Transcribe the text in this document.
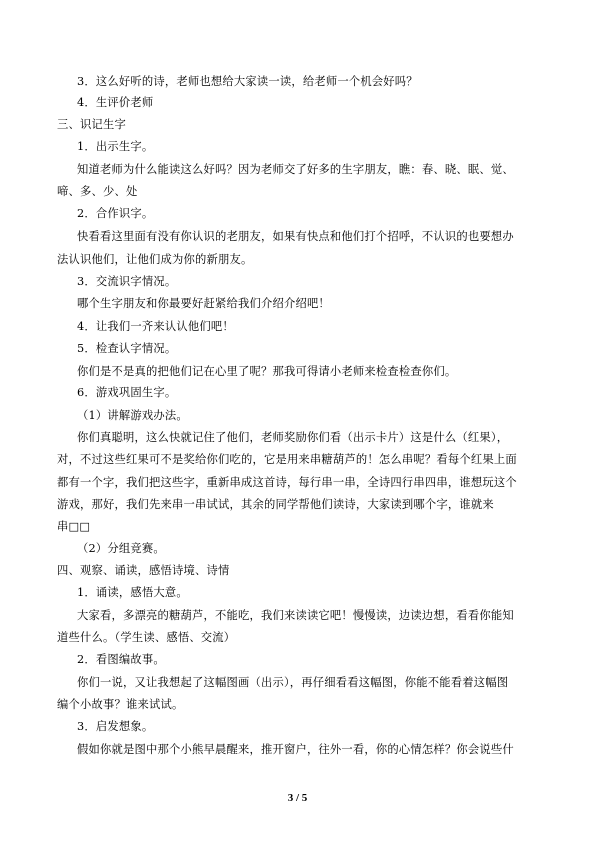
3．这么好听的诗，老师也想给大家读一读，给老师一个机会好吗？
4．生评价老师
三、识记生字
1．出示生字。
知道老师为什么能读这么好吗？因为老师交了好多的生字朋友，瞧：春、晓、眠、觉、
啼、多、少、处
2．合作识字。
快看看这里面有没有你认识的老朋友，如果有快点和他们打个招呼，不认识的也要想办
法认识他们，让他们成为你的新朋友。
3．交流识字情况。
哪个生字朋友和你最要好赶紧给我们介绍介绍吧！
4．让我们一齐来认认他们吧！
5．检查认字情况。
你们是不是真的把他们记在心里了呢？那我可得请小老师来检查检查你们。
6．游戏巩固生字。
（1）讲解游戏办法。
你们真聪明，这么快就记住了他们，老师奖励你们看（出示卡片）这是什么（红果），
对，不过这些红果可不是奖给你们吃的，它是用来串糖葫芦的！怎么串呢？看每个红果上面
都有一个字，我们把这些字，重新串成这首诗，每行串一串，全诗四行串四串，谁想玩这个
游戏，那好，我们先来串一串试试，其余的同学帮他们读诗，大家读到哪个字，谁就来
串□□
（2）分组竞赛。
四、观察、诵读，感悟诗境、诗情
1．诵读，感悟大意。
大家看，多漂亮的糖葫芦，不能吃，我们来读读它吧！慢慢读，边读边想，看看你能知
道些什么。（学生读、感悟、交流）
2．看图编故事。
你们一说，又让我想起了这幅图画（出示），再仔细看看这幅图，你能不能看着这幅图
编个小故事？谁来试试。
3．启发想象。
假如你就是图中那个小熊早晨醒来，推开窗户，往外一看，你的心情怎样？你会说些什
3 / 5
